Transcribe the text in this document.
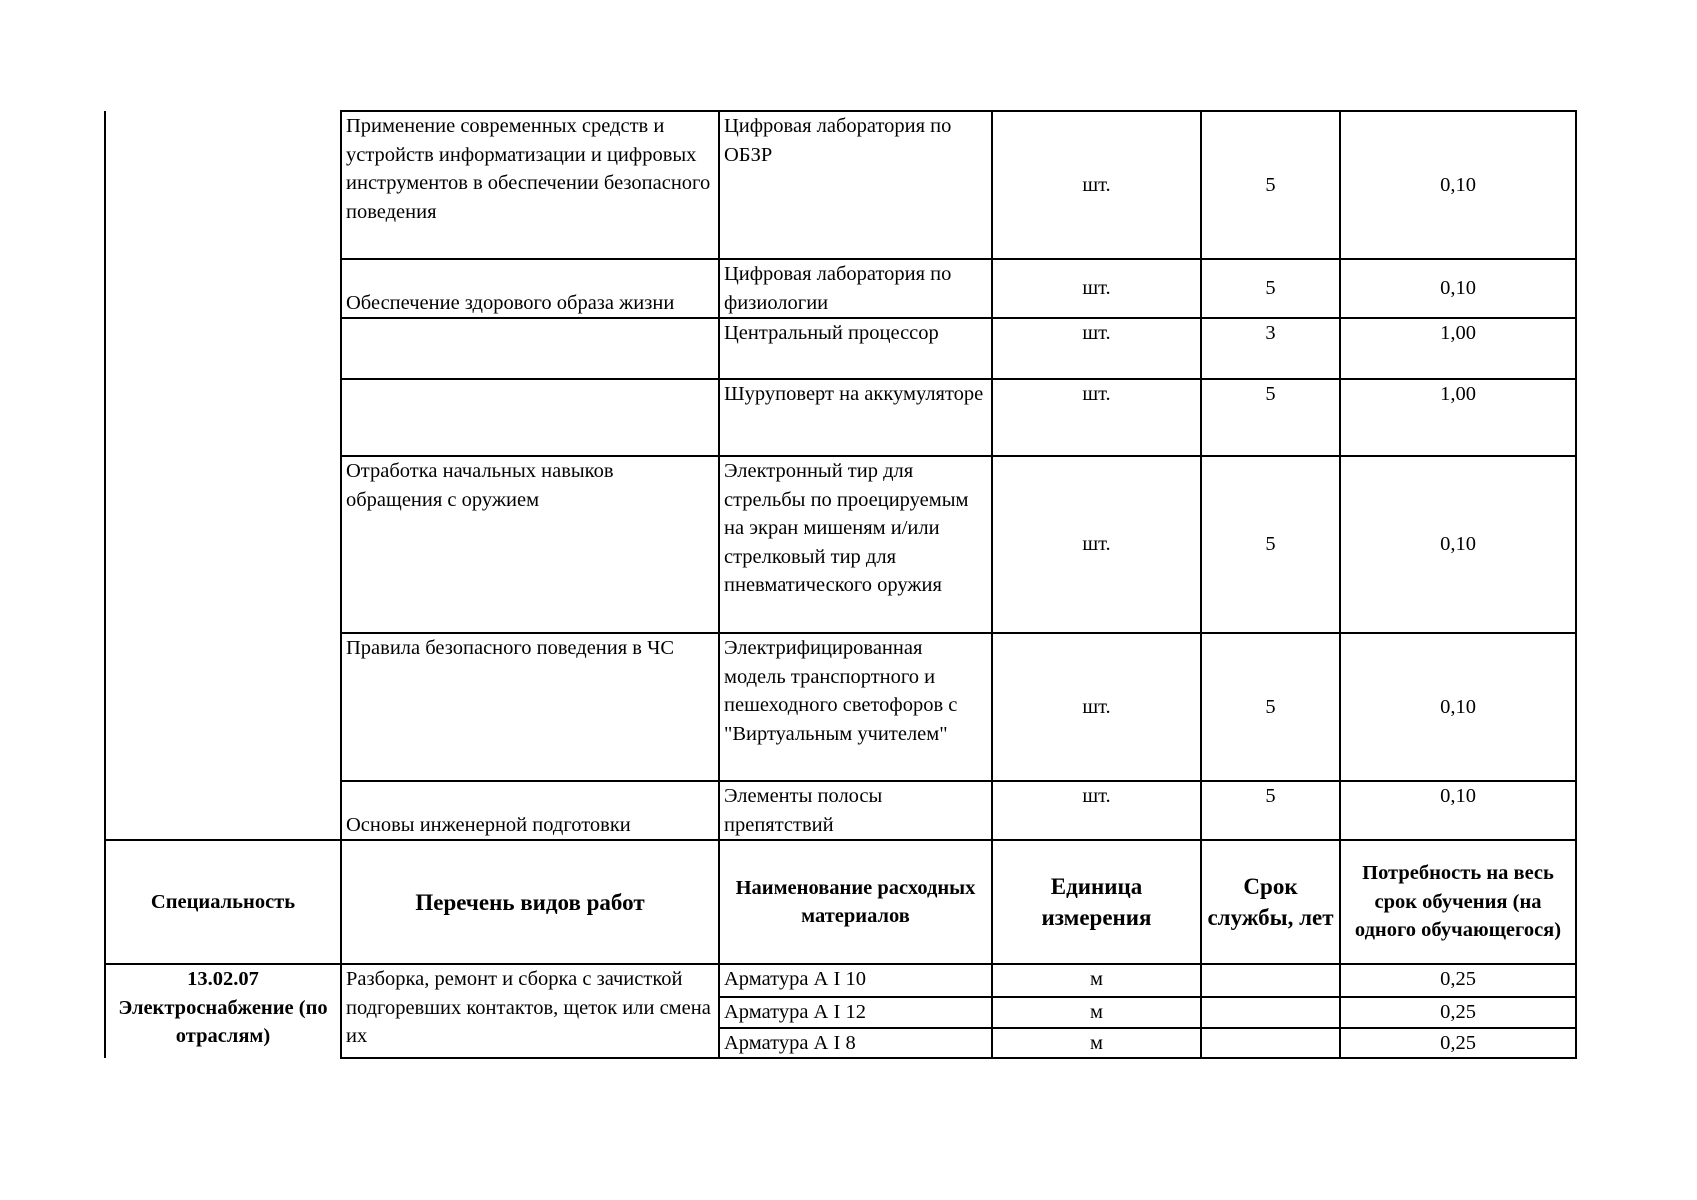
	Применение современных средств и устройств информатизации и цифровых инструментов в обеспечении безопасного поведения	Цифровая лаборатория по ОБЗР	шт.	5	0,10
	Обеспечение здорового образа жизни	Цифровая лаборатория по физиологии	шт.	5	0,10
		Центральный процессор	шт.	3	1,00
		Шуруповерт на аккумуляторе	шт.	5	1,00
	Отработка начальных навыков обращения с оружием	Электронный тир для стрельбы по проецируемым на экран мишеням и/или стрелковый тир для пневматического оружия	шт.	5	0,10
	Правила безопасного поведения в ЧС	Электрифицированная модель транспортного и пешеходного светофоров с "Виртуальным учителем"	шт.	5	0,10
	Основы инженерной подготовки	Элементы полосы препятствий	шт.	5	0,10
Специальность	Перечень видов работ	Наименование расходных материалов	Единица измерения	Срок службы, лет	Потребность на весь срок обучения (на одного обучающегося)
13.02.07 Электроснабжение (по отраслям)	Разборка, ремонт и сборка с зачисткой подгоревших контактов, щеток или смена их	Арматура А I 10	м		0,25
		Арматура А I 12	м		0,25
		Арматура А I 8	м		0,25
